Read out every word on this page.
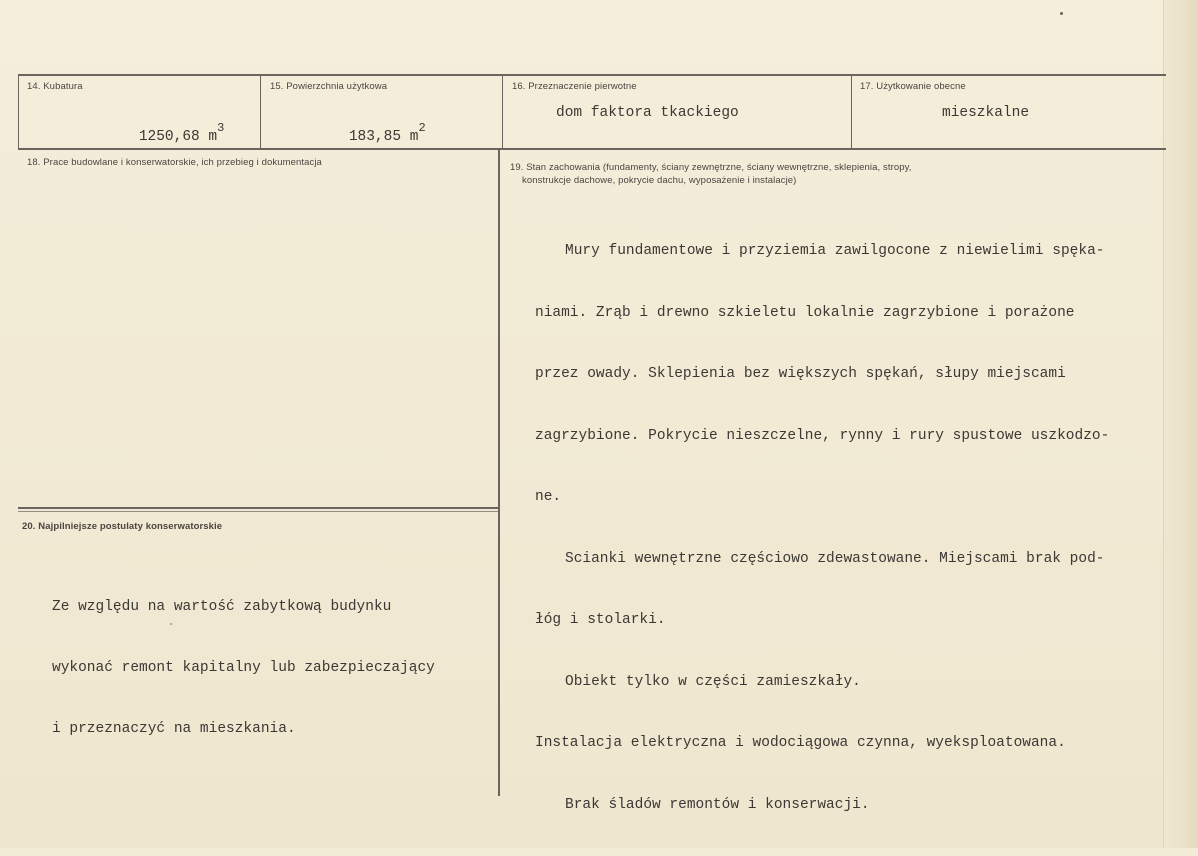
14. Kubatura

1250,68 $m^3$

15. Powierzchnia użytkowa

183,85 $m^2$

16. Przeznaczenie pierwotne
dom faktora tkackiego
17. Użytkowanie obecne
mieszkalne
18. Prace budowlane i konserwatorskie, ich przebieg i dokumentacja	19. Stan zachowania (fundamenty, ściany zewnętrzne, ściany wewnętrzne, sklepienia, stropy,
konstrukcje dachowe, pokrycie dachu, wyposażenie i instalacje)

Mury fundamentowe i przyziemia zawilgocone z niewielimi spęka-

niami. Zrąb i drewno szkieletu lokalnie zagrzybione i porażone

przez owady. Sklepienia bez większych spękań, słupy miejscami

zagrzybione. Pokrycie nieszczelne, rynny i rury spustowe uszkodzo-

ne.

Scianki wewnętrzne częściowo zdewastowane. Miejscami brak pod-

łóg i stolarki.

Obiekt tylko w części zamieszkały.

Instalacja elektryczna i wodociągowa czynna, wyeksploatowana.

Brak śladów remontów i konserwacji.

20. Najpilniejsze postulaty konserwatorskie

Ze względu na wartość zabytkową budynku

wykonać remont kapitalny lub zabezpieczający

i przeznaczyć na mieszkania.
